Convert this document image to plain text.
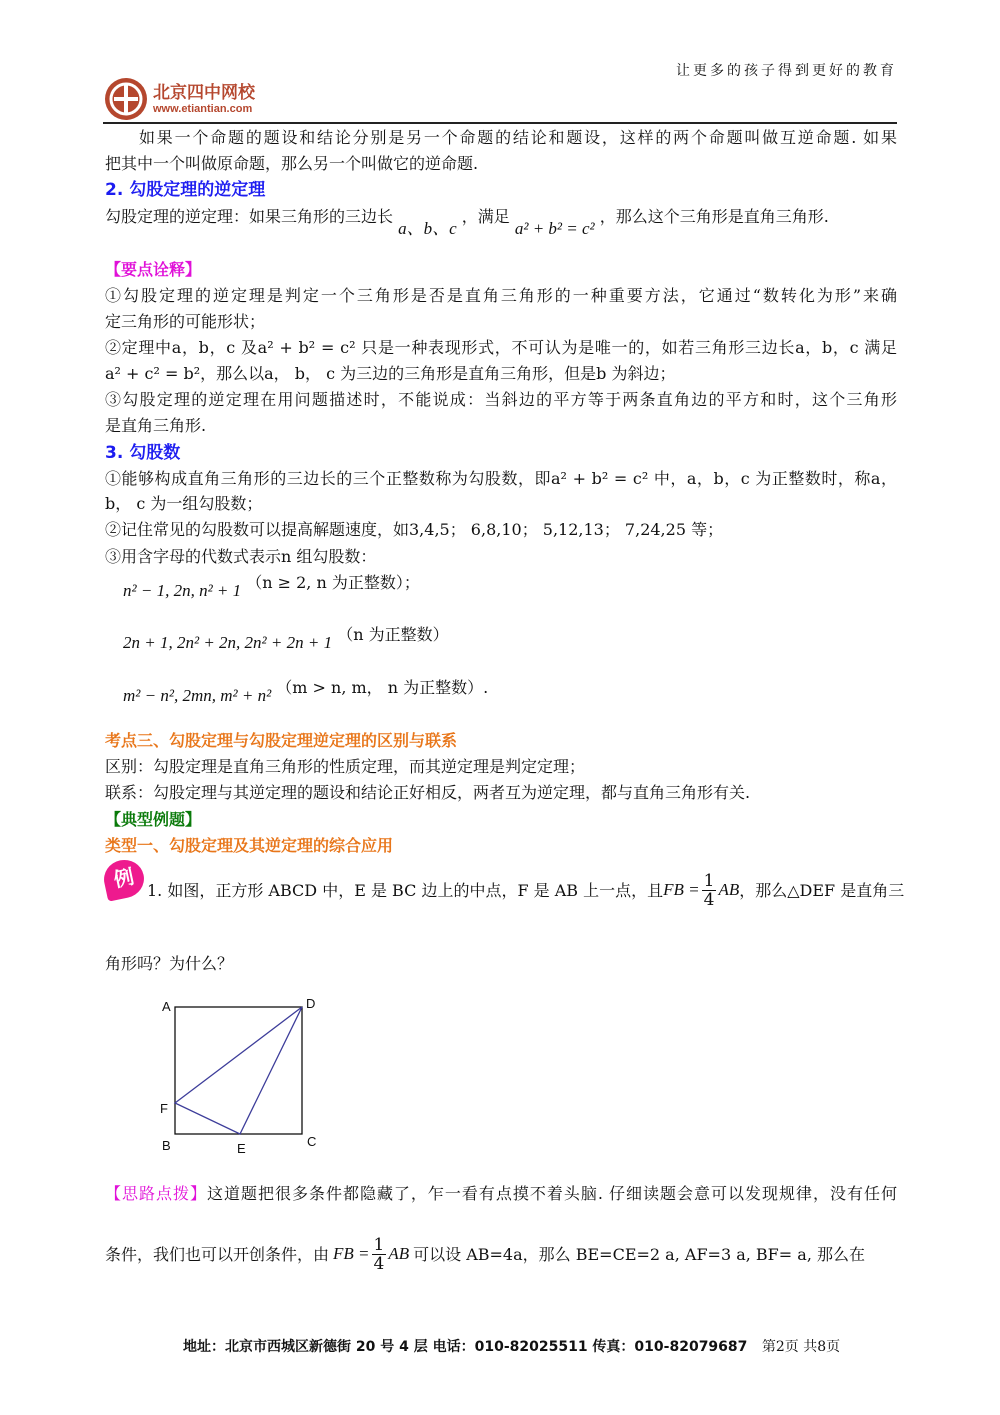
让更多的孩子得到更好的教育
北京四中网校
www.etiantian.com
如果一个命题的题设和结论分别是另一个命题的结论和题设，这样的两个命题叫做互逆命题. 如果
把其中一个叫做原命题，那么另一个叫做它的逆命题.
2. 勾股定理的逆定理
勾股定理的逆定理：如果三角形的三边长 a、b、c ，满足 a² + b² = c² ，那么这个三角形是直角三角形.
【要点诠释】
①勾股定理的逆定理是判定一个三角形是否是直角三角形的一种重要方法，它通过“数转化为形”来确
定三角形的可能形状；
②定理中a，b，c 及a² + b² = c² 只是一种表现形式，不可认为是唯一的，如若三角形三边长a，b，c 满足
a² + c² = b²，那么以a， b， c 为三边的三角形是直角三角形，但是b 为斜边；
③勾股定理的逆定理在用问题描述时，不能说成：当斜边的平方等于两条直角边的平方和时，这个三角形
是直角三角形.
3. 勾股数
①能够构成直角三角形的三边长的三个正整数称为勾股数，即a² + b² = c² 中，a，b，c 为正整数时，称a，
b， c 为一组勾股数；
②记住常见的勾股数可以提高解题速度，如3,4,5； 6,8,10； 5,12,13； 7,24,25 等；
③用含字母的代数式表示n 组勾股数：
n² − 1, 2n, n² + 1 （n ≥ 2, n 为正整数）；
2n + 1, 2n² + 2n, 2n² + 2n + 1 （n 为正整数）
m² − n², 2mn, m² + n² （m > n, m， n 为正整数）.
考点三、勾股定理与勾股定理逆定理的区别与联系
区别：勾股定理是直角三角形的性质定理，而其逆定理是判定定理；
联系：勾股定理与其逆定理的题设和结论正好相反，两者互为逆定理，都与直角三角形有关.
【典型例题】
类型一、勾股定理及其逆定理的综合应用
例 1. 如图，正方形 ABCD 中，E 是 BC 边上的中点，F 是 AB 上一点，且 FB = $\frac{1}{4}$ AB ，那么△DEF 是直角三
角形吗？为什么？
A	D
F
B	E	C
【思路点拨】这道题把很多条件都隐藏了，乍一看有点摸不着头脑. 仔细读题会意可以发现规律，没有任何
条件，我们也可以开创条件，由 FB = $\frac{1}{4}$ AB 可以设 AB=4a，那么 BE=CE=2 a, AF=3 a, BF= a, 那么在
地址：北京市西城区新德街 20 号 4 层 电话：010-82025511 传真：010-82079687 第2页 共8页
